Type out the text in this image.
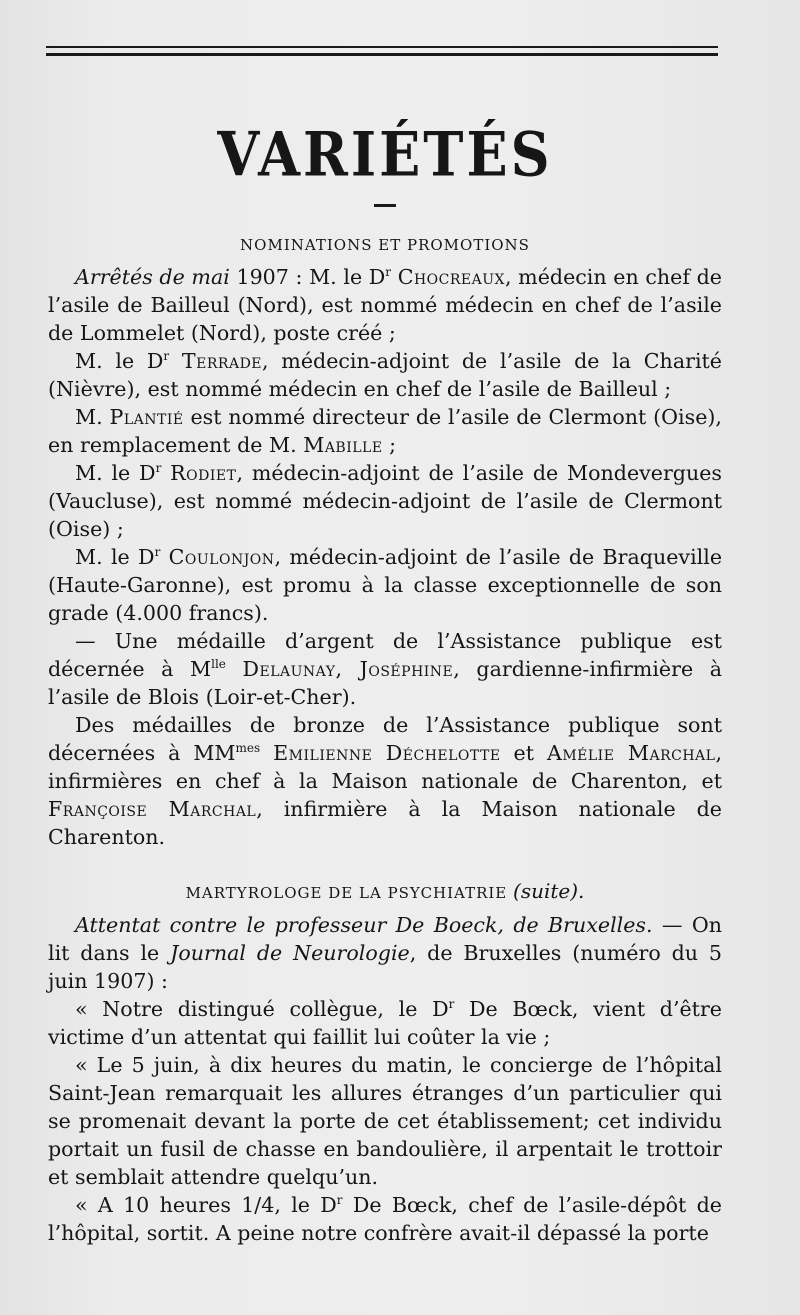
VARIÉTÉS
NOMINATIONS ET PROMOTIONS

Arrêtés de mai 1907 : M. le $D^r$ Chocreaux, médecin en chef de l’asile de Bailleul (Nord), est nommé médecin en chef de l’asile de Lommelet (Nord), poste créé ;

M. le $D^r$ Terrade, médecin-adjoint de l’asile de la Charité (Nièvre), est nommé médecin en chef de l’asile de Bailleul ;

M. Plantié est nommé directeur de l’asile de Clermont (Oise), en remplacement de M. Mabille ;

M. le $D^r$ Rodiet, médecin-adjoint de l’asile de Mondevergues (Vaucluse), est nommé médecin-adjoint de l’asile de Clermont (Oise) ;

M. le $D^r$ Coulonjon, médecin-adjoint de l’asile de Braqueville (Haute-Garonne), est promu à la classe exceptionnelle de son grade (4.000 francs).

— Une médaille d’argent de l’Assistance publique est décernée à $M^{lle}$ Delaunay, Joséphine, gardienne-infirmière à l’asile de Blois (Loir-et-Cher).

Des médailles de bronze de l’Assistance publique sont décernées à $MM^{mes}$ Emilienne Déchelotte et Amélie Marchal, infirmières en chef à la Maison nationale de Charenton, et Françoise Marchal, infirmière à la Maison nationale de Charenton.

MARTYROLOGE DE LA PSYCHIATRIE (suite).

Attentat contre le professeur De Boeck, de Bruxelles. — On lit dans le Journal de Neurologie, de Bruxelles (numéro du 5 juin 1907) :

« Notre distingué collègue, le $D^r$ De Bœck, vient d’être victime d’un attentat qui faillit lui coûter la vie ;

« Le 5 juin, à dix heures du matin, le concierge de l’hôpital Saint-Jean remarquait les allures étranges d’un particulier qui se promenait devant la porte de cet établissement; cet individu portait un fusil de chasse en bandoulière, il arpentait le trottoir et semblait attendre quelqu’un.

« A 10 heures 1/4, le $D^r$ De Bœck, chef de l’asile-dépôt de l’hôpital, sortit. A peine notre confrère avait-il dépassé la porte
